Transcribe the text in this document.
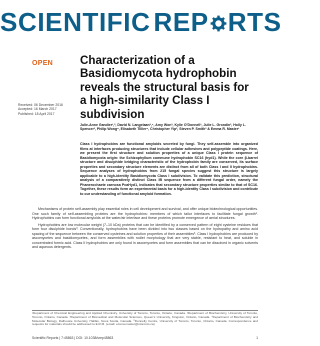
SCIENTIFIC REP RTS
OPEN Characterization of a Basidiomycota hydrophobin reveals the structural basis for a high-similarity Class I subdivision
Received: 06 December 2016
Accepted: 16 March 2017
Published: 18 April 2017
Julie-Anne Gandier¹,², David N. Langelaan³,⁴, Amy Won³, Kylie O’Donnell¹, Julie L. Grondin³, Holly L. Spencer³, Philip Wong⁵, Elisabeth Tillier⁵, Christopher Yip², Steven P. Smith³ & Emma R. Master¹
Class I hydrophobins are functional amyloids secreted by fungi. They self-assemble into organized films at interfaces producing structures that include cellular adhesives and polypeptide coatings. Here, we present the first structure and solution properties of a unique Class I protein sequence of Basidiomycota origin: the Schizophyllum commune hydrophobin SC16 (hyd1). While the core β-barrel structure and disulphide bridging characteristic of the hydrophobin family are conserved, its surface properties and secondary structure elements are distinct from all of both Class I and II hydrophobins. Sequence analyses of hydrophobins from 215 fungal species suggest this structure is largely applicable to a high-identity Basidiomycota Class I subdivision. To validate this prediction, structural analysis of a comparatively distinct Class IB sequence from a different fungal order, namely the Phanerochaete carnosa PcaHyd1, indicates that secondary structure properties similar to that of SC16. Together, these results form an experimental basis for a high-identity Class I subdivision and contribute to our understanding of functional amyloid formation.

Mechanisms of protein self-assembly play essential roles in cell development and survival, and offer unique biotechnological opportunities. One such family of self-assembling proteins are the hydrophobins: members of which tailor interfaces to facilitate fungal growth¹. Hydrophobins can form functional amyloids at the water/air interface and these proteins promote emergence of aerial structures.

Hydrophobins are low molecular weight (7–10 kDa) proteins that can be identified by a conserved pattern of eight cysteine residues that form four disulphide bonds³. Conventionally, hydrophobins have been divided into two classes based on the hydropathy and amino acid spacing of the sequence between the conserved cysteines and solution properties of their assemblies³. Class I hydrophobins are produced by ascomycetes and basidiomycetes, and form assemblies with rodlet morphology that are very stable, resistant to heat, and soluble in concentrated formic acid. Class II hydrophobins are only found in ascomycetes and form assemblies that can be dissolved in organic solvents and aqueous detergents.

¹Department of Chemical Engineering and Applied Chemistry, University of Toronto, Toronto, Ontario, Canada. ²Department of Biochemistry, University of Toronto, Toronto, Ontario, Canada. ³Department of Biomedical and Molecular Sciences, Queen’s University, Kingston, Ontario, Canada. ⁴Department of Biochemistry and Molecular Biology, Dalhousie University, Halifax, Nova Scotia, Canada. ⁵Donnelly Centre, University of Toronto, Toronto, Ontario, Canada. Correspondence and requests for materials should be addressed to E.R.M. (email: emma.master@utoronto.ca)
Scientific Reports | 7:45863 | DOI: 10.1038/srep45863	1
